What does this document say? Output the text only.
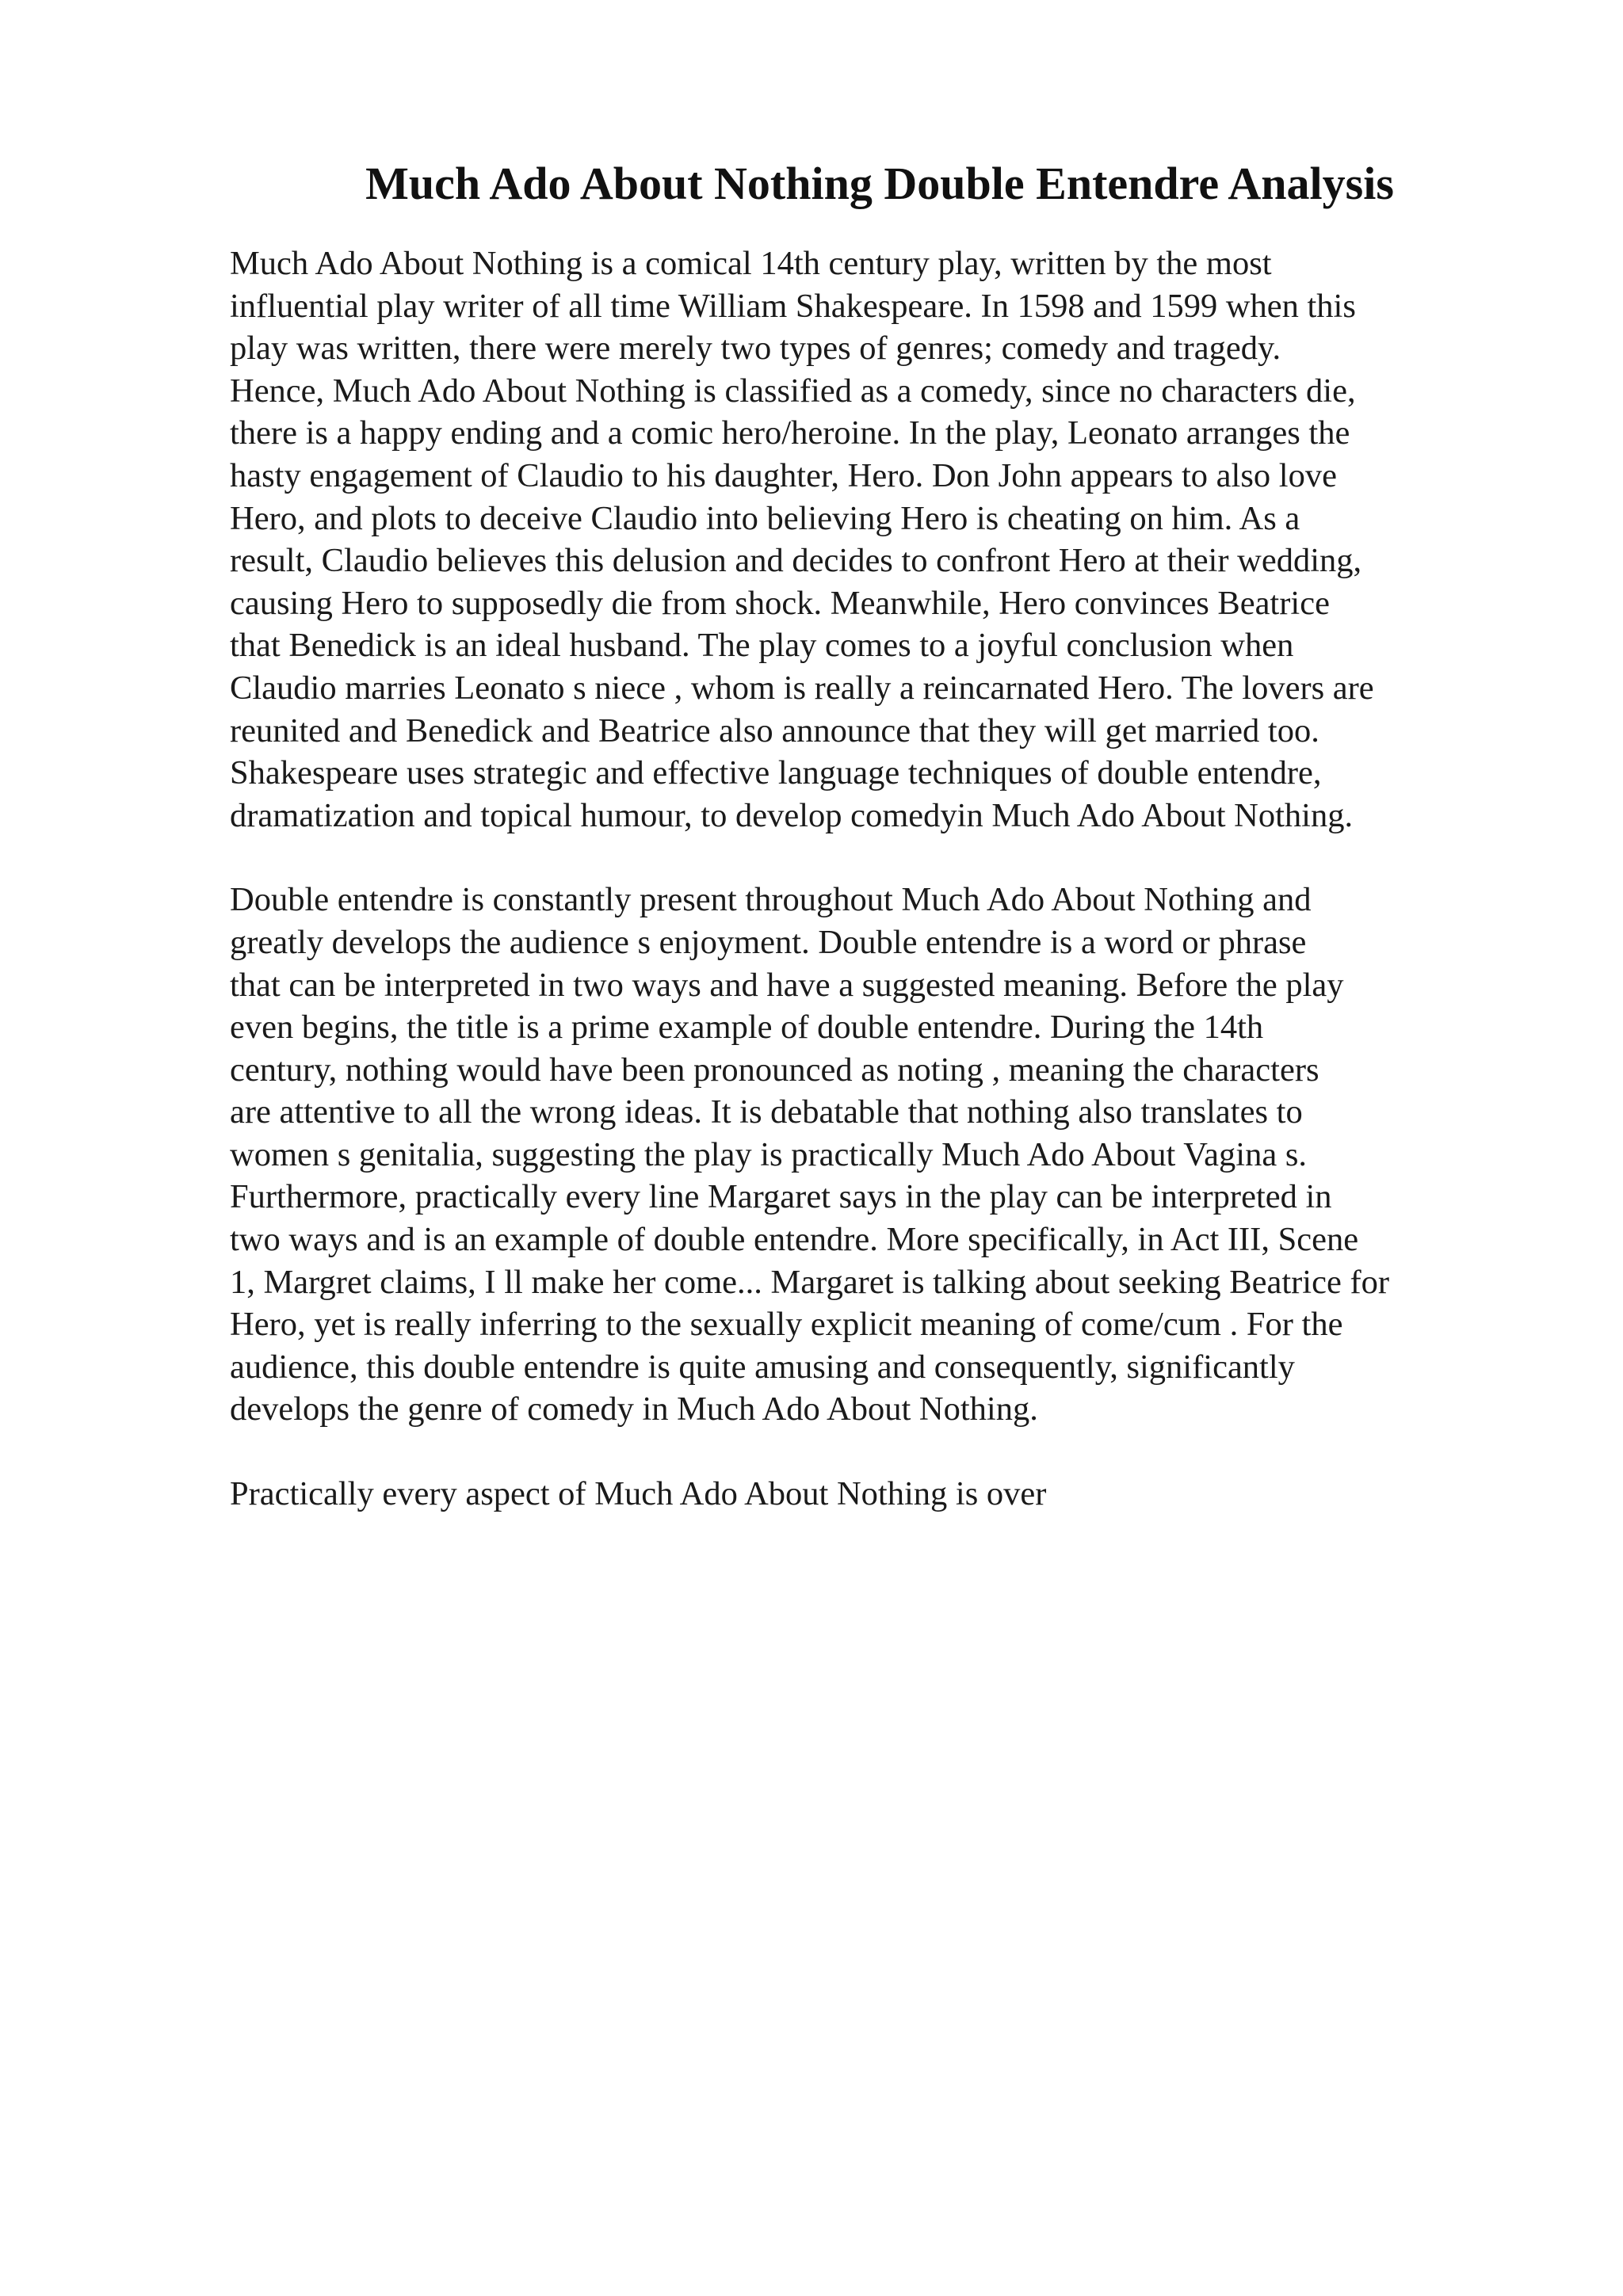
Much Ado About Nothing Double Entendre Analysis
Much Ado About Nothing is a comical 14th century play, written by the most
influential play writer of all time William Shakespeare. In 1598 and 1599 when this
play was written, there were merely two types of genres; comedy and tragedy.
Hence, Much Ado About Nothing is classified as a comedy, since no characters die,
there is a happy ending and a comic hero/heroine. In the play, Leonato arranges the
hasty engagement of Claudio to his daughter, Hero. Don John appears to also love
Hero, and plots to deceive Claudio into believing Hero is cheating on him. As a
result, Claudio believes this delusion and decides to confront Hero at their wedding,
causing Hero to supposedly die from shock. Meanwhile, Hero convinces Beatrice
that Benedick is an ideal husband. The play comes to a joyful conclusion when
Claudio marries Leonato s niece , whom is really a reincarnated Hero. The lovers are
reunited and Benedick and Beatrice also announce that they will get married too.
Shakespeare uses strategic and effective language techniques of double entendre,
dramatization and topical humour, to develop comedyin Much Ado About Nothing.
Double entendre is constantly present throughout Much Ado About Nothing and
greatly develops the audience s enjoyment. Double entendre is a word or phrase
that can be interpreted in two ways and have a suggested meaning. Before the play
even begins, the title is a prime example of double entendre. During the 14th
century, nothing would have been pronounced as noting , meaning the characters
are attentive to all the wrong ideas. It is debatable that nothing also translates to
women s genitalia, suggesting the play is practically Much Ado About Vagina s.
Furthermore, practically every line Margaret says in the play can be interpreted in
two ways and is an example of double entendre. More specifically, in Act III, Scene
1, Margret claims, I ll make her come... Margaret is talking about seeking Beatrice for
Hero, yet is really inferring to the sexually explicit meaning of come/cum . For the
audience, this double entendre is quite amusing and consequently, significantly
develops the genre of comedy in Much Ado About Nothing.
Practically every aspect of Much Ado About Nothing is over
